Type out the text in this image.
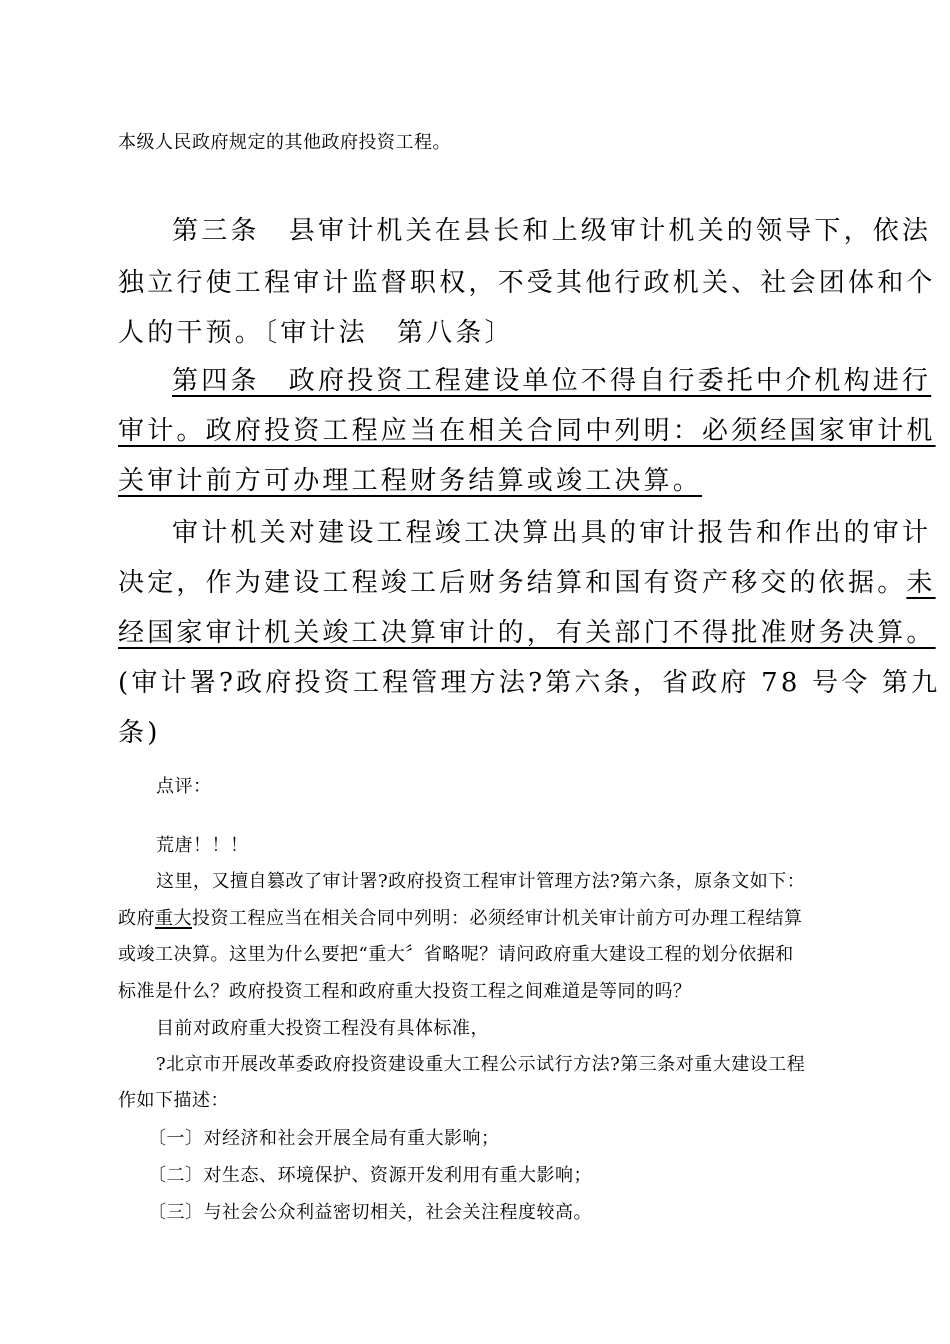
本级人民政府规定的其他政府投资工程。
第三条　县审计机关在县长和上级审计机关的领导下，依法
独立行使工程审计监督职权，不受其他行政机关、社会团体和个
人的干预。〔审计法　第八条〕
第四条　政府投资工程建设单位不得自行委托中介机构进行
审计。政府投资工程应当在相关合同中列明：必须经国家审计机
关审计前方可办理工程财务结算或竣工决算。
审计机关对建设工程竣工决算出具的审计报告和作出的审计
决定，作为建设工程竣工后财务结算和国有资产移交的依据。未
经国家审计机关竣工决算审计的，有关部门不得批准财务决算。
(审计署?政府投资工程管理方法?第六条，省政府 78 号令 第九
条)
点评：
荒唐！！！
这里，又擅自篡改了审计署?政府投资工程审计管理方法?第六条，原条文如下：
政府重大投资工程应当在相关合同中列明：必须经审计机关审计前方可办理工程结算
或竣工决算。这里为什么要把“重大〞省略呢？请问政府重大建设工程的划分依据和
标准是什么？政府投资工程和政府重大投资工程之间难道是等同的吗？
目前对政府重大投资工程没有具体标准，
?北京市开展改革委政府投资建设重大工程公示试行方法?第三条对重大建设工程
作如下描述：
〔一〕对经济和社会开展全局有重大影响；
〔二〕对生态、环境保护、资源开发利用有重大影响；
〔三〕与社会公众利益密切相关，社会关注程度较高。
